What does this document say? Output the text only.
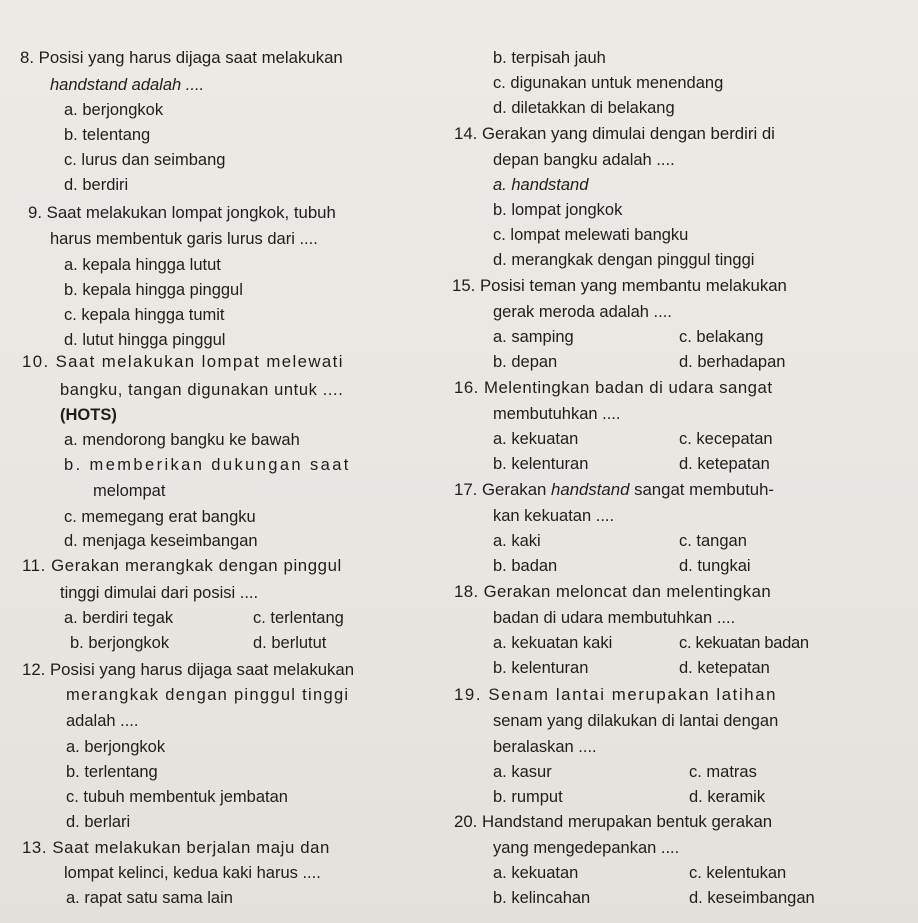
8. Posisi yang harus dijaga saat melakukan
handstand adalah ....
a. berjongkok
b. telentang
c. lurus dan seimbang
d. berdiri
9. Saat melakukan lompat jongkok, tubuh
harus membentuk garis lurus dari ....
a. kepala hingga lutut
b. kepala hingga pinggul
c. kepala hingga tumit
d. lutut hingga pinggul
10. Saat melakukan lompat melewati
bangku, tangan digunakan untuk ....
(HOTS)
a. mendorong bangku ke bawah
b. memberikan dukungan saat
melompat
c. memegang erat bangku
d. menjaga keseimbangan
11. Gerakan merangkak dengan pinggul
tinggi dimulai dari posisi ....
a. berdiri tegak	c. terlentang
b. berjongkok	d. berlutut
12. Posisi yang harus dijaga saat melakukan
merangkak dengan pinggul tinggi
adalah ....
a. berjongkok
b. terlentang
c. tubuh membentuk jembatan
d. berlari
13. Saat melakukan berjalan maju dan
lompat kelinci, kedua kaki harus ....
a. rapat satu sama lain
b. terpisah jauh
c. digunakan untuk menendang
d. diletakkan di belakang
14. Gerakan yang dimulai dengan berdiri di
depan bangku adalah ....
a. handstand
b. lompat jongkok
c. lompat melewati bangku
d. merangkak dengan pinggul tinggi
15. Posisi teman yang membantu melakukan
gerak meroda adalah ....
a. samping	c. belakang
b. depan	d. berhadapan
16. Melentingkan badan di udara sangat
membutuhkan ....
a. kekuatan	c. kecepatan
b. kelenturan	d. ketepatan
17. Gerakan handstand sangat membutuh-
kan kekuatan ....
a. kaki	c. tangan
b. badan	d. tungkai
18. Gerakan meloncat dan melentingkan
badan di udara membutuhkan ....
a. kekuatan kaki	c. kekuatan badan
b. kelenturan	d. ketepatan
19. Senam lantai merupakan latihan
senam yang dilakukan di lantai dengan
beralaskan ....
a. kasur	c. matras
b. rumput	d. keramik
20. Handstand merupakan bentuk gerakan
yang mengedepankan ....
a. kekuatan	c. kelentukan
b. kelincahan	d. keseimbangan
